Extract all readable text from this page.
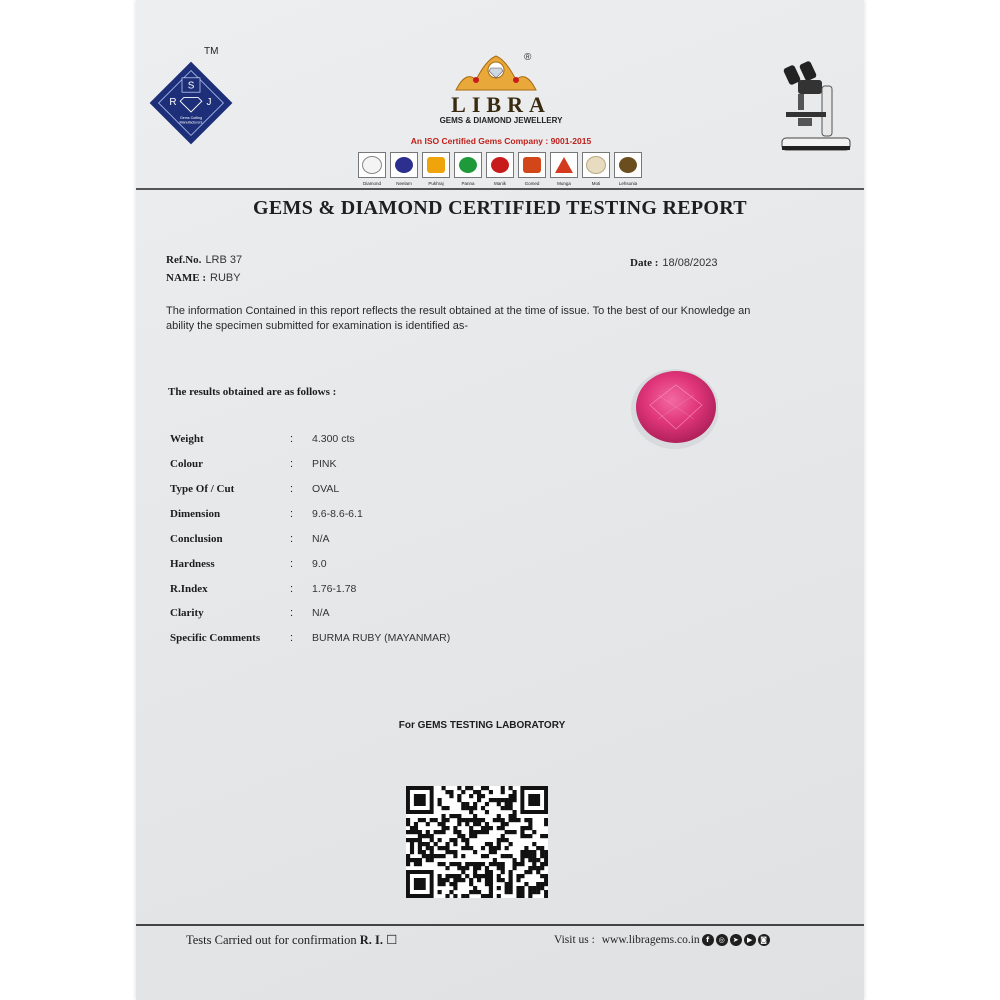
S
R	J
Gems Cutting
Manufacturers
TM
®
LIBRA
GEMS & DIAMOND JEWELLERY
An ISO Certified Gems Company : 9001-2015
Diamond	Neelam	Pukhraj	Panna	Manik	Gomed	Munga	Moti	Lehsunia
GEMS & DIAMOND CERTIFIED TESTING REPORT
Ref.No. LRB 37
NAME : RUBY
Date : 18/08/2023
The information Contained in this report reflects the result obtained at the time of issue. To the best of our Knowledge an ability the specimen submitted for examination is identified as-
The results obtained are as follows :
Weight	: 4.300 cts
Colour	: PINK
Type Of / Cut	: OVAL
Dimension	: 9.6-8.6-6.1
Conclusion	: N/A
Hardness	: 9.0
R.Index	: 1.76-1.78
Clarity	: N/A
Specific Comments	: BURMA RUBY (MAYANMAR)
For GEMS TESTING LABORATORY
Tests Carried out for confirmation R. I. ☐	Visit us :
www.libragems.co.in f	◎	➤	▶	◙
